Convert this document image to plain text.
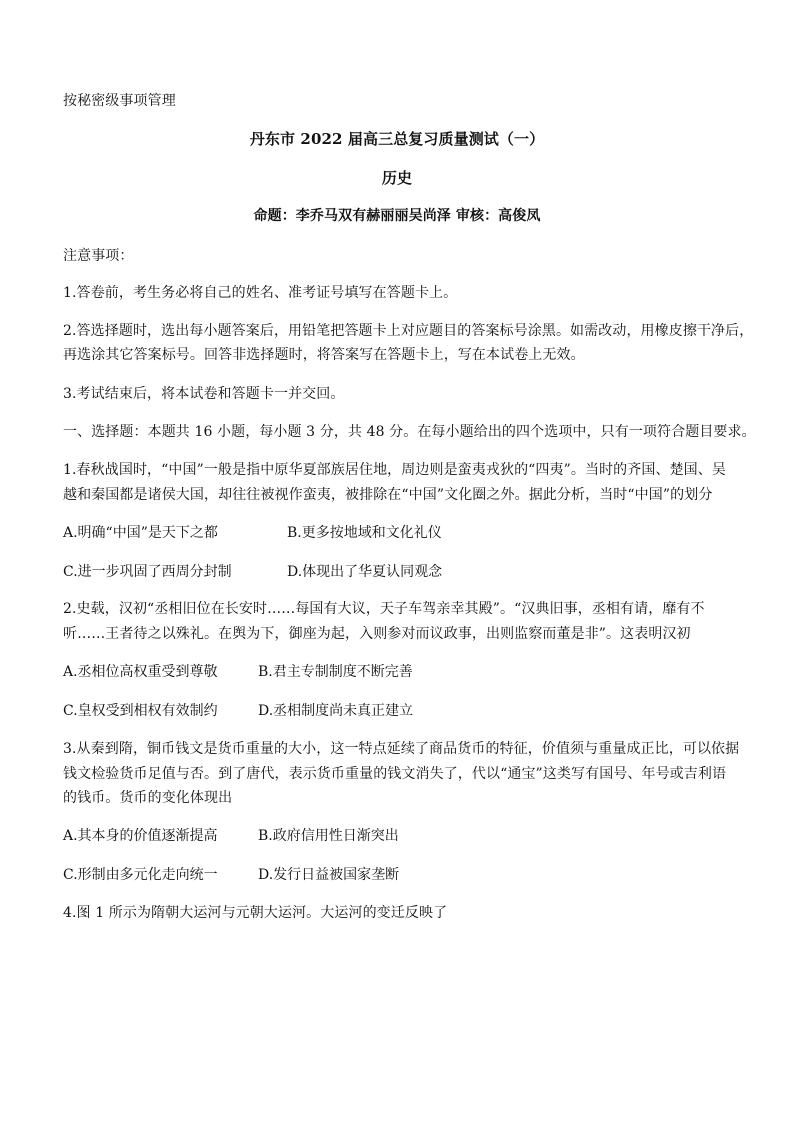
按秘密级事项管理
丹东市 2022 届高三总复习质量测试（一）
历史
命题：李乔马双有赫丽丽吴尚泽 审核：高俊凤
注意事项：
1.答卷前，考生务必将自己的姓名、准考证号填写在答题卡上。
2.答选择题时，选出每小题答案后，用铅笔把答题卡上对应题目的答案标号涂黑。如需改动，用橡皮擦干净后，
再选涂其它答案标号。回答非选择题时，将答案写在答题卡上，写在本试卷上无效。
3.考试结束后，将本试卷和答题卡一并交回。
一、选择题：本题共 16 小题，每小题 3 分，共 48 分。在每小题给出的四个选项中，只有一项符合题目要求。
1.春秋战国时，“中国”一般是指中原华夏部族居住地，周边则是蛮夷戎狄的“四夷”。当时的齐国、楚国、吴
越和秦国都是诸侯大国，却往往被视作蛮夷，被排除在“中国”文化圈之外。据此分析，当时“中国”的划分
A.明确“中国”是天下之都	B.更多按地域和文化礼仪
C.进一步巩固了西周分封制	D.体现出了华夏认同观念
2.史载，汉初“丞相旧位在长安时……每国有大议，天子车驾亲幸其殿”。“汉典旧事，丞相有请，靡有不
听……王者待之以殊礼。在舆为下，御座为起，入则参对而议政事，出则监察而董是非”。这表明汉初
A.丞相位高权重受到尊敬	B.君主专制制度不断完善
C.皇权受到相权有效制约	D.丞相制度尚未真正建立
3.从秦到隋，铜币钱文是货币重量的大小，这一特点延续了商品货币的特征，价值须与重量成正比，可以依据
钱文检验货币足值与否。到了唐代，表示货币重量的钱文消失了，代以“通宝”这类写有国号、年号或吉利语
的钱币。货币的变化体现出
A.其本身的价值逐渐提高	B.政府信用性日渐突出
C.形制由多元化走向统一	D.发行日益被国家垄断
4.图 1 所示为隋朝大运河与元朝大运河。大运河的变迁反映了
